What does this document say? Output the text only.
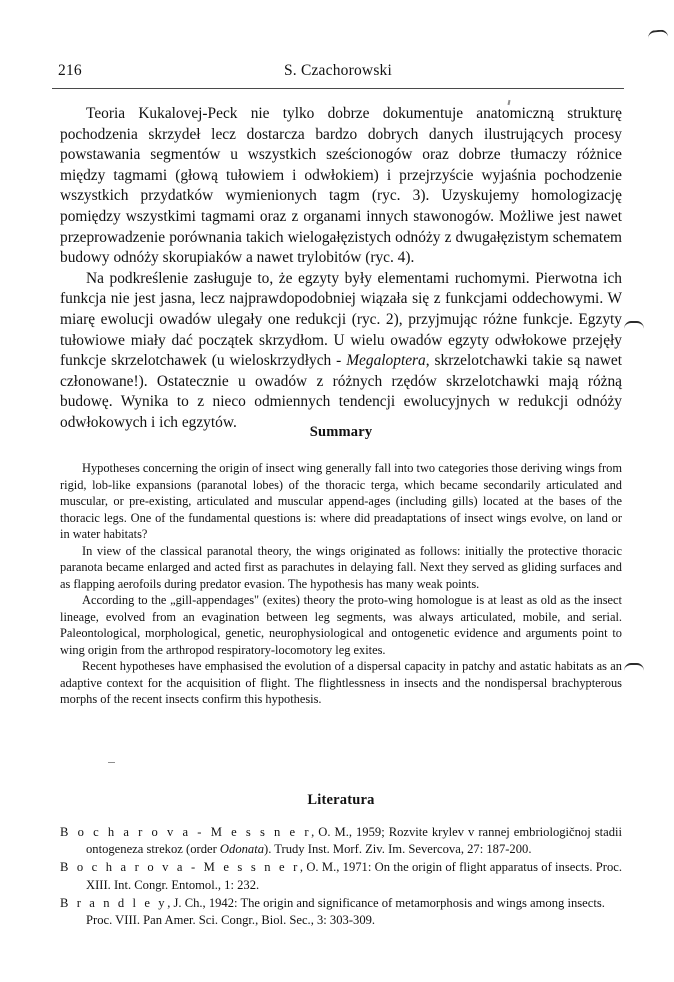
216	S. Czachorowski

Teoria Kukalovej-Peck nie tylko dobrze dokumentuje anatomiczną strukturę pochodzenia skrzydeł lecz dostarcza bardzo dobrych danych ilustrujących procesy powstawania segmentów u wszystkich sześcionogów oraz dobrze tłumaczy różnice między tagmami (głową tułowiem i odwłokiem) i przejrzyście wyjaśnia pochodzenie wszystkich przydatków wymienionych tagm (ryc. 3). Uzyskujemy homologizację pomiędzy wszystkimi tagmami oraz z organami innych stawonogów. Możliwe jest nawet przeprowadzenie porównania takich wielogałęzistych odnóży z dwugałęzistym schematem budowy odnóży skorupiaków a nawet trylobitów (ryc. 4).

Na podkreślenie zasługuje to, że egzyty były elementami ruchomymi. Pierwotna ich funkcja nie jest jasna, lecz najprawdopodobniej wiązała się z funkcjami oddechowymi. W miarę ewolucji owadów ulegały one redukcji (ryc. 2), przyjmując różne funkcje. Egzyty tułowiowe miały dać początek skrzydłom. U wielu owadów egzyty odwłokowe przejęły funkcje skrzelotchawek (u wieloskrzydłych - Megaloptera, skrzelotchawki takie są nawet członowane!). Ostatecznie u owadów z różnych rzędów skrzelotchawki mają różną budowę. Wynika to z nieco odmiennych tendencji ewolucyjnych w redukcji odnóży odwłokowych i ich egzytów.

Summary

Hypotheses concerning the origin of insect wing generally fall into two categories those deriving wings from rigid, lob-like expansions (paranotal lobes) of the thoracic terga, which became secondarily articulated and muscular, or pre-existing, articulated and muscular append-ages (including gills) located at the bases of the thoracic legs. One of the fundamental questions is: where did preadaptations of insect wings evolve, on land or in water habitats?

In view of the classical paranotal theory, the wings originated as follows: initially the protective thoracic paranota became enlarged and acted first as parachutes in delaying fall. Next they served as gliding surfaces and as flapping aerofoils during predator evasion. The hypothesis has many weak points.

According to the „gill-appendages" (exites) theory the proto-wing homologue is at least as old as the insect lineage, evolved from an evagination between leg segments, was always articulated, mobile, and serial. Paleontological, morphological, genetic, neurophysiological and ontogenetic evidence and arguments point to wing origin from the arthropod respiratory-locomotory leg exites.

Recent hypotheses have emphasised the evolution of a dispersal capacity in patchy and astatic habitats as an adaptive context for the acquisition of flight. The flightlessness in insects and the nondispersal brachypterous morphs of the recent insects confirm this hypothesis.

Literatura
B o c h a r o v a - M e s s n e r, O. M., 1959; Rozvite krylev v rannej embriologičnoj stadii ontogeneza strekoz (order Odonata). Trudy Inst. Morf. Ziv. Im. Severcova, 27: 187-200.
B o c h a r o v a - M e s s n e r, O. M., 1971: On the origin of flight apparatus of insects. Proc. XIII. Int. Congr. Entomol., 1: 232.
B r a n d l e y, J. Ch., 1942: The origin and significance of metamorphosis and wings among insects. Proc. VIII. Pan Amer. Sci. Congr., Biol. Sec., 3: 303-309.
